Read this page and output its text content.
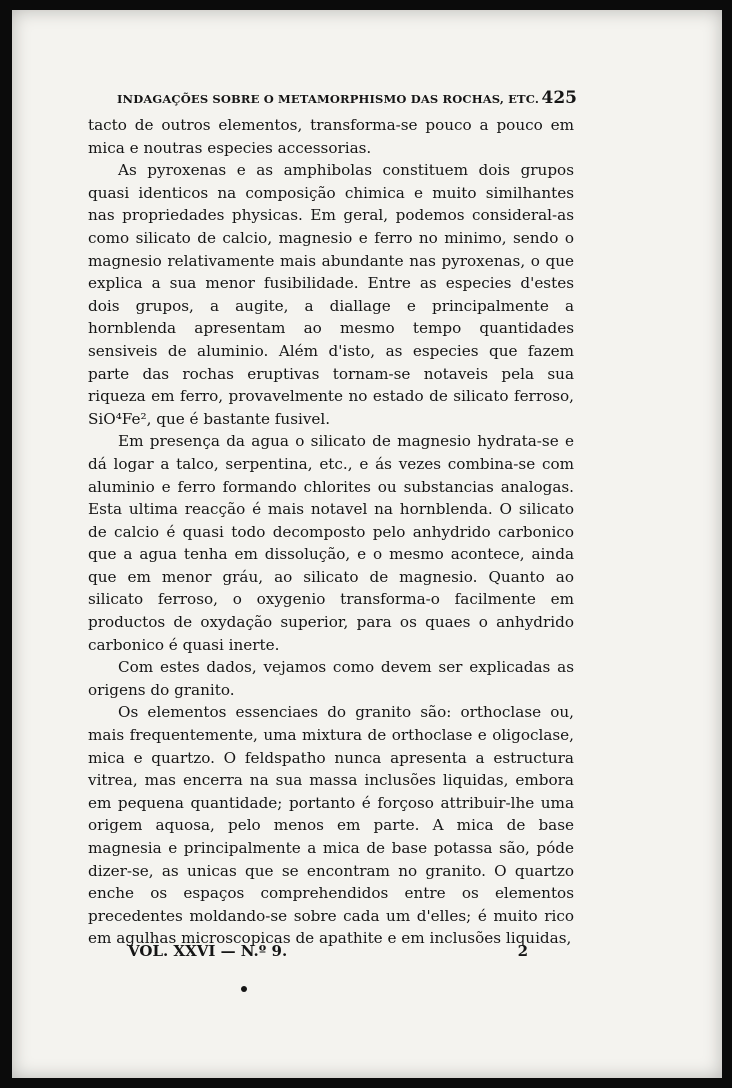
INDAGAÇÕES SOBRE O METAMORPHISMO DAS ROCHAS, ETC. 425

tacto de outros elementos, transforma-se pouco a pouco em mica e noutras especies accessorias.

As pyroxenas e as amphibolas constituem dois grupos quasi identicos na composição chimica e muito similhantes nas propriedades physicas. Em geral, podemos consideral-as como silicato de calcio, magnesio e ferro no minimo, sendo o magnesio relativamente mais abundante nas pyroxenas, o que explica a sua menor fusibilidade. Entre as especies d'estes dois grupos, a augite, a diallage e principalmente a hornblenda apresentam ao mesmo tempo quantidades sensiveis de aluminio. Além d'isto, as especies que fazem parte das rochas eruptivas tornam-se notaveis pela sua riqueza em ferro, provavelmente no estado de silicato ferroso, SiO⁴Fe², que é bastante fusivel.

Em presença da agua o silicato de magnesio hydrata-se e dá logar a talco, serpentina, etc., e ás vezes combina-se com aluminio e ferro formando chlorites ou substancias analogas. Esta ultima reacção é mais notavel na hornblenda. O silicato de calcio é quasi todo decomposto pelo anhydrido carbonico que a agua tenha em dissolução, e o mesmo acontece, ainda que em menor gráu, ao silicato de magnesio. Quanto ao silicato ferroso, o oxygenio transforma-o facilmente em productos de oxydação superior, para os quaes o anhydrido carbonico é quasi inerte.

Com estes dados, vejamos como devem ser explicadas as origens do granito.

Os elementos essenciaes do granito são: orthoclase ou, mais frequentemente, uma mixtura de orthoclase e oligoclase, mica e quartzo. O feldspatho nunca apresenta a estructura vitrea, mas encerra na sua massa inclusões liquidas, embora em pequena quantidade; portanto é forçoso attribuir-lhe uma origem aquosa, pelo menos em parte. A mica de base magnesia e principalmente a mica de base potassa são, póde dizer-se, as unicas que se encontram no granito. O quartzo enche os espaços comprehendidos entre os elementos precedentes moldando-se sobre cada um d'elles; é muito rico em agulhas microscopicas de apathite e em inclusões liquidas,

VOL. XXVI — N.º 9.	2
